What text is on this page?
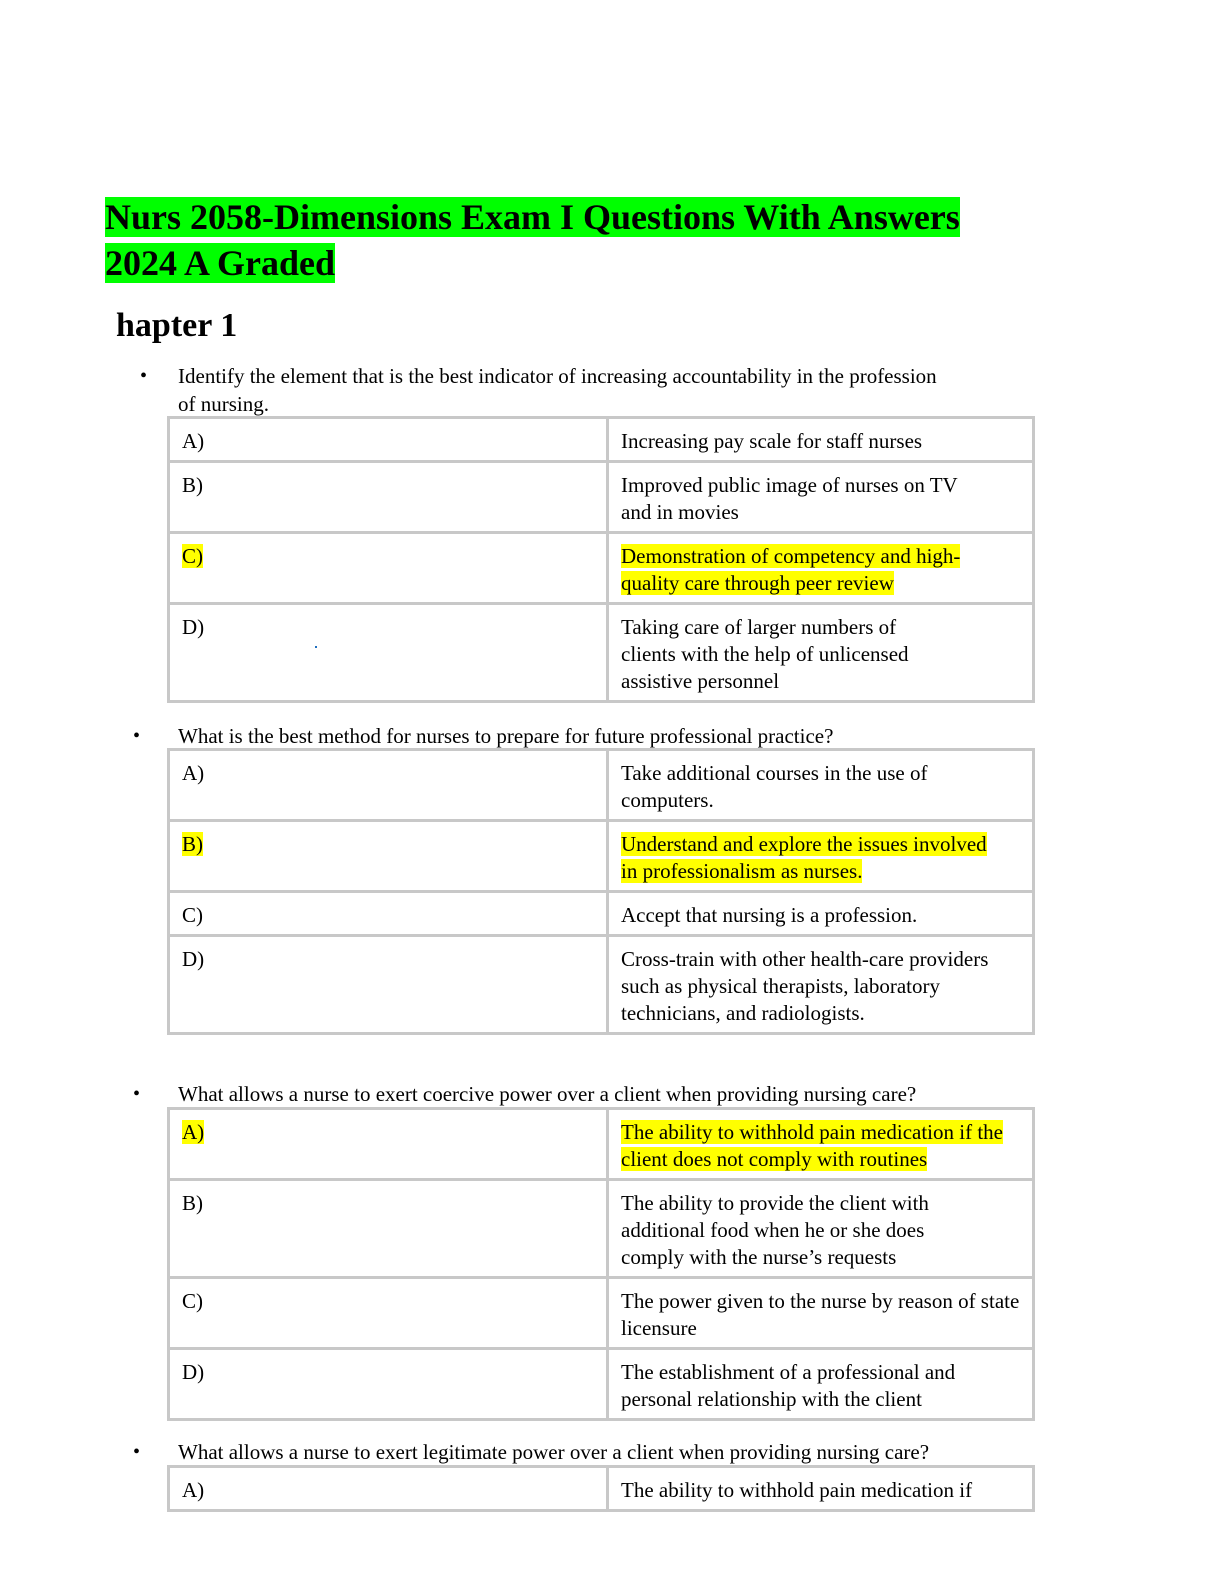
Nurs 2058-Dimensions Exam I Questions With Answers
2024 A Graded
hapter 1
• Identify the element that is the best indicator of increasing accountability in the profession of nursing.
A)	Increasing pay scale for staff nurses
B)	Improved public image of nurses on TV and in movies
C)	Demonstration of competency and high-quality care through peer review
D)	Taking care of larger numbers of clients with the help of unlicensed assistive personnel
• What is the best method for nurses to prepare for future professional practice?
A)	Take additional courses in the use of computers.
B)	Understand and explore the issues involved in professionalism as nurses.
C)	Accept that nursing is a profession.
D)	Cross-train with other health-care providers such as physical therapists, laboratory technicians, and radiologists.
• What allows a nurse to exert coercive power over a client when providing nursing care?
A)	The ability to withhold pain medication if the client does not comply with routines
B)	The ability to provide the client with additional food when he or she does comply with the nurse’s requests
C)	The power given to the nurse by reason of state licensure
D)	The establishment of a professional and personal relationship with the client
• What allows a nurse to exert legitimate power over a client when providing nursing care?
A)	The ability to withhold pain medication if
